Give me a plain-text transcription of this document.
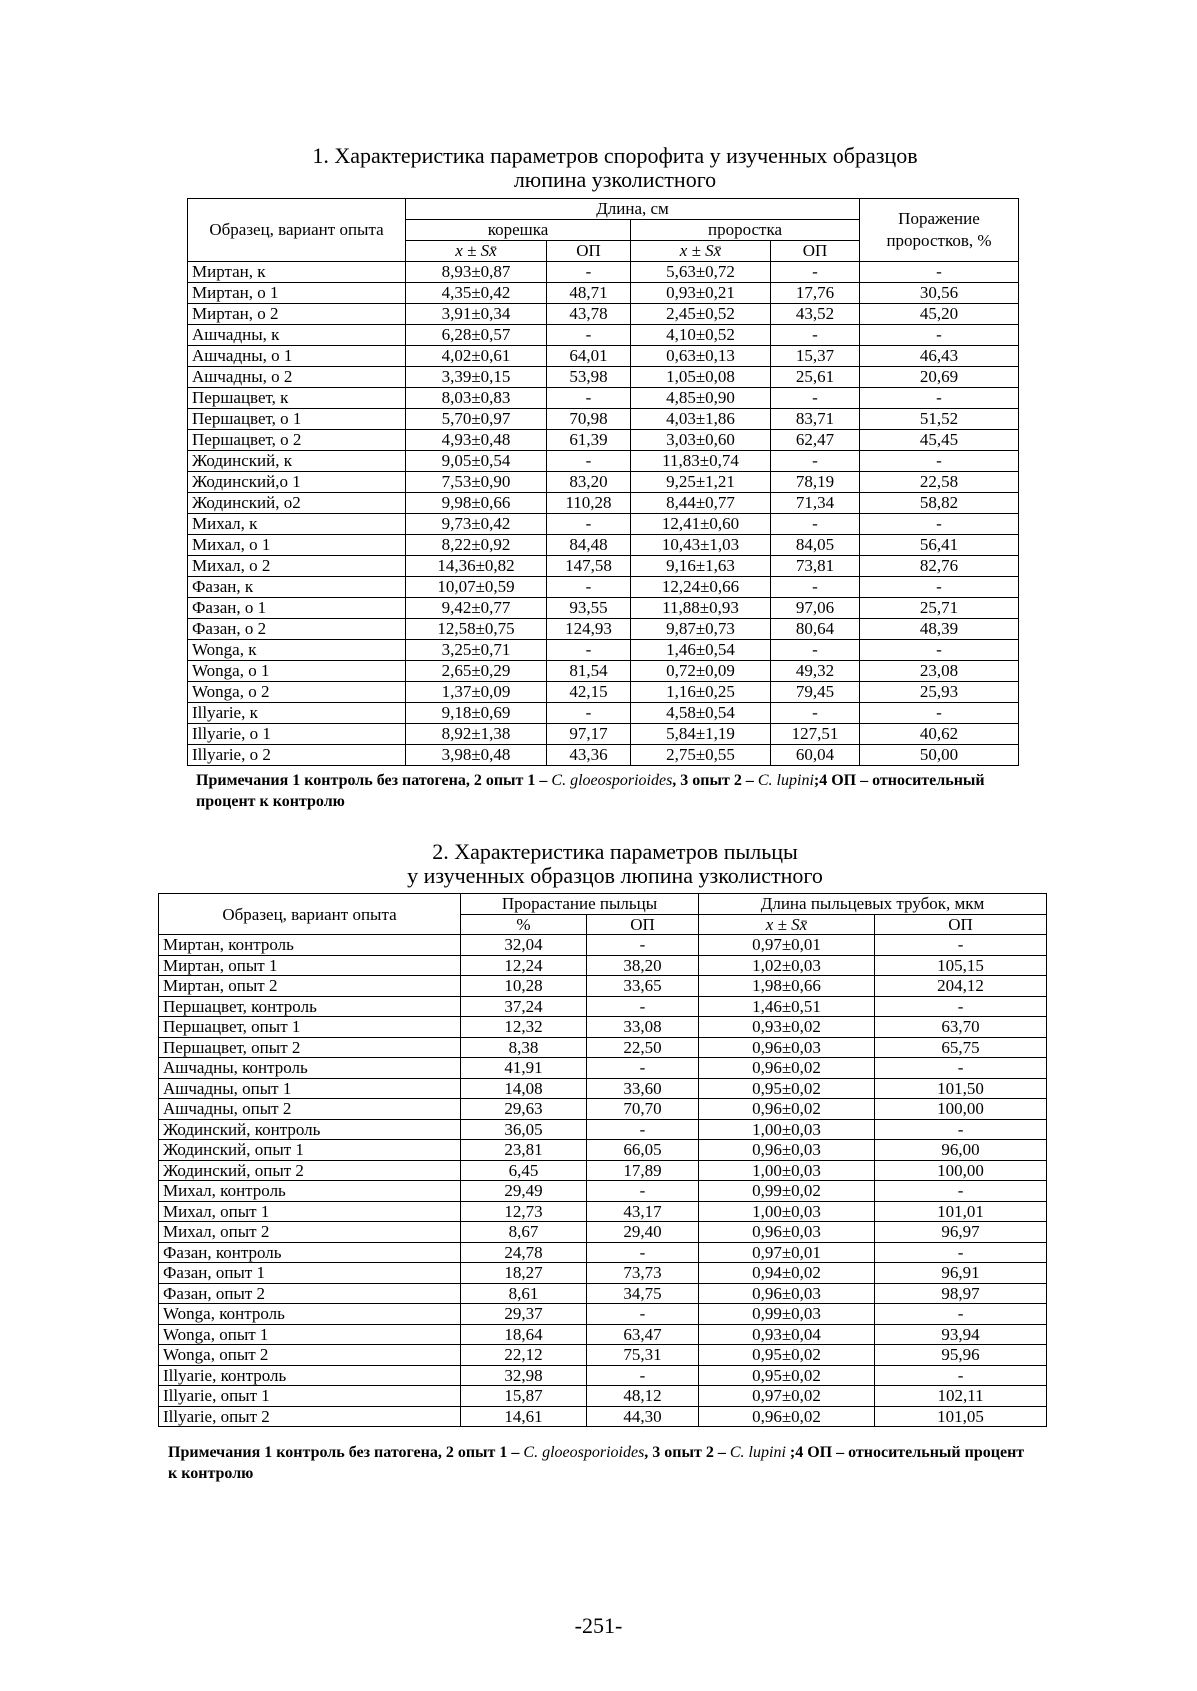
1. Характеристика параметров спорофита у изученных образцов
люпина узколистного
Образец, вариант опыта	Длина, см				Поражение проростков, %
	корешка		проростка		
	x ± Sx̄	ОП	x ± Sx̄	ОП	
Миртан, к	8,93±0,87	-	5,63±0,72	-	-
Миртан, о 1	4,35±0,42	48,71	0,93±0,21	17,76	30,56
Миртан, о 2	3,91±0,34	43,78	2,45±0,52	43,52	45,20
Ашчадны, к	6,28±0,57	-	4,10±0,52	-	-
Ашчадны, о 1	4,02±0,61	64,01	0,63±0,13	15,37	46,43
Ашчадны, о 2	3,39±0,15	53,98	1,05±0,08	25,61	20,69
Першацвет, к	8,03±0,83	-	4,85±0,90	-	-
Першацвет, о 1	5,70±0,97	70,98	4,03±1,86	83,71	51,52
Першацвет, о 2	4,93±0,48	61,39	3,03±0,60	62,47	45,45
Жодинский, к	9,05±0,54	-	11,83±0,74	-	-
Жодинский,о 1	7,53±0,90	83,20	9,25±1,21	78,19	22,58
Жодинский, о2	9,98±0,66	110,28	8,44±0,77	71,34	58,82
Михал, к	9,73±0,42	-	12,41±0,60	-	-
Михал, о 1	8,22±0,92	84,48	10,43±1,03	84,05	56,41
Михал, о 2	14,36±0,82	147,58	9,16±1,63	73,81	82,76
Фазан, к	10,07±0,59	-	12,24±0,66	-	-
Фазан, о 1	9,42±0,77	93,55	11,88±0,93	97,06	25,71
Фазан, о 2	12,58±0,75	124,93	9,87±0,73	80,64	48,39
Wonga, к	3,25±0,71	-	1,46±0,54	-	-
Wonga, о 1	2,65±0,29	81,54	0,72±0,09	49,32	23,08
Wonga, о 2	1,37±0,09	42,15	1,16±0,25	79,45	25,93
Illyarie, к	9,18±0,69	-	4,58±0,54	-	-
Illyarie, о 1	8,92±1,38	97,17	5,84±1,19	127,51	40,62
Illyarie, о 2	3,98±0,48	43,36	2,75±0,55	60,04	50,00
Примечания 1 контроль без патогена, 2 опыт 1 – C. gloeosporioides, 3 опыт 2 – C. lupini;4 ОП – относительный процент к контролю
2. Характеристика параметров пыльцы
у изученных образцов люпина узколистного
Образец, вариант опыта	Прорастание пыльцы		Длина пыльцевых трубок, мкм	
	%	ОП	x ± Sx̄	ОП
Миртан, контроль	32,04	-	0,97±0,01	-
Миртан, опыт 1	12,24	38,20	1,02±0,03	105,15
Миртан, опыт 2	10,28	33,65	1,98±0,66	204,12
Першацвет, контроль	37,24	-	1,46±0,51	-
Першацвет, опыт 1	12,32	33,08	0,93±0,02	63,70
Першацвет, опыт 2	8,38	22,50	0,96±0,03	65,75
Ашчадны, контроль	41,91	-	0,96±0,02	-
Ашчадны, опыт 1	14,08	33,60	0,95±0,02	101,50
Ашчадны, опыт 2	29,63	70,70	0,96±0,02	100,00
Жодинский, контроль	36,05	-	1,00±0,03	-
Жодинский, опыт 1	23,81	66,05	0,96±0,03	96,00
Жодинский, опыт 2	6,45	17,89	1,00±0,03	100,00
Михал, контроль	29,49	-	0,99±0,02	-
Михал, опыт 1	12,73	43,17	1,00±0,03	101,01
Михал, опыт 2	8,67	29,40	0,96±0,03	96,97
Фазан, контроль	24,78	-	0,97±0,01	-
Фазан, опыт 1	18,27	73,73	0,94±0,02	96,91
Фазан, опыт 2	8,61	34,75	0,96±0,03	98,97
Wonga, контроль	29,37	-	0,99±0,03	-
Wonga, опыт 1	18,64	63,47	0,93±0,04	93,94
Wonga, опыт 2	22,12	75,31	0,95±0,02	95,96
Illyarie, контроль	32,98	-	0,95±0,02	-
Illyarie, опыт 1	15,87	48,12	0,97±0,02	102,11
Illyarie, опыт 2	14,61	44,30	0,96±0,02	101,05
Примечания 1 контроль без патогена, 2 опыт 1 – C. gloeosporioides, 3 опыт 2 – C. lupini ;4 ОП – относительный процент к контролю
-251-
